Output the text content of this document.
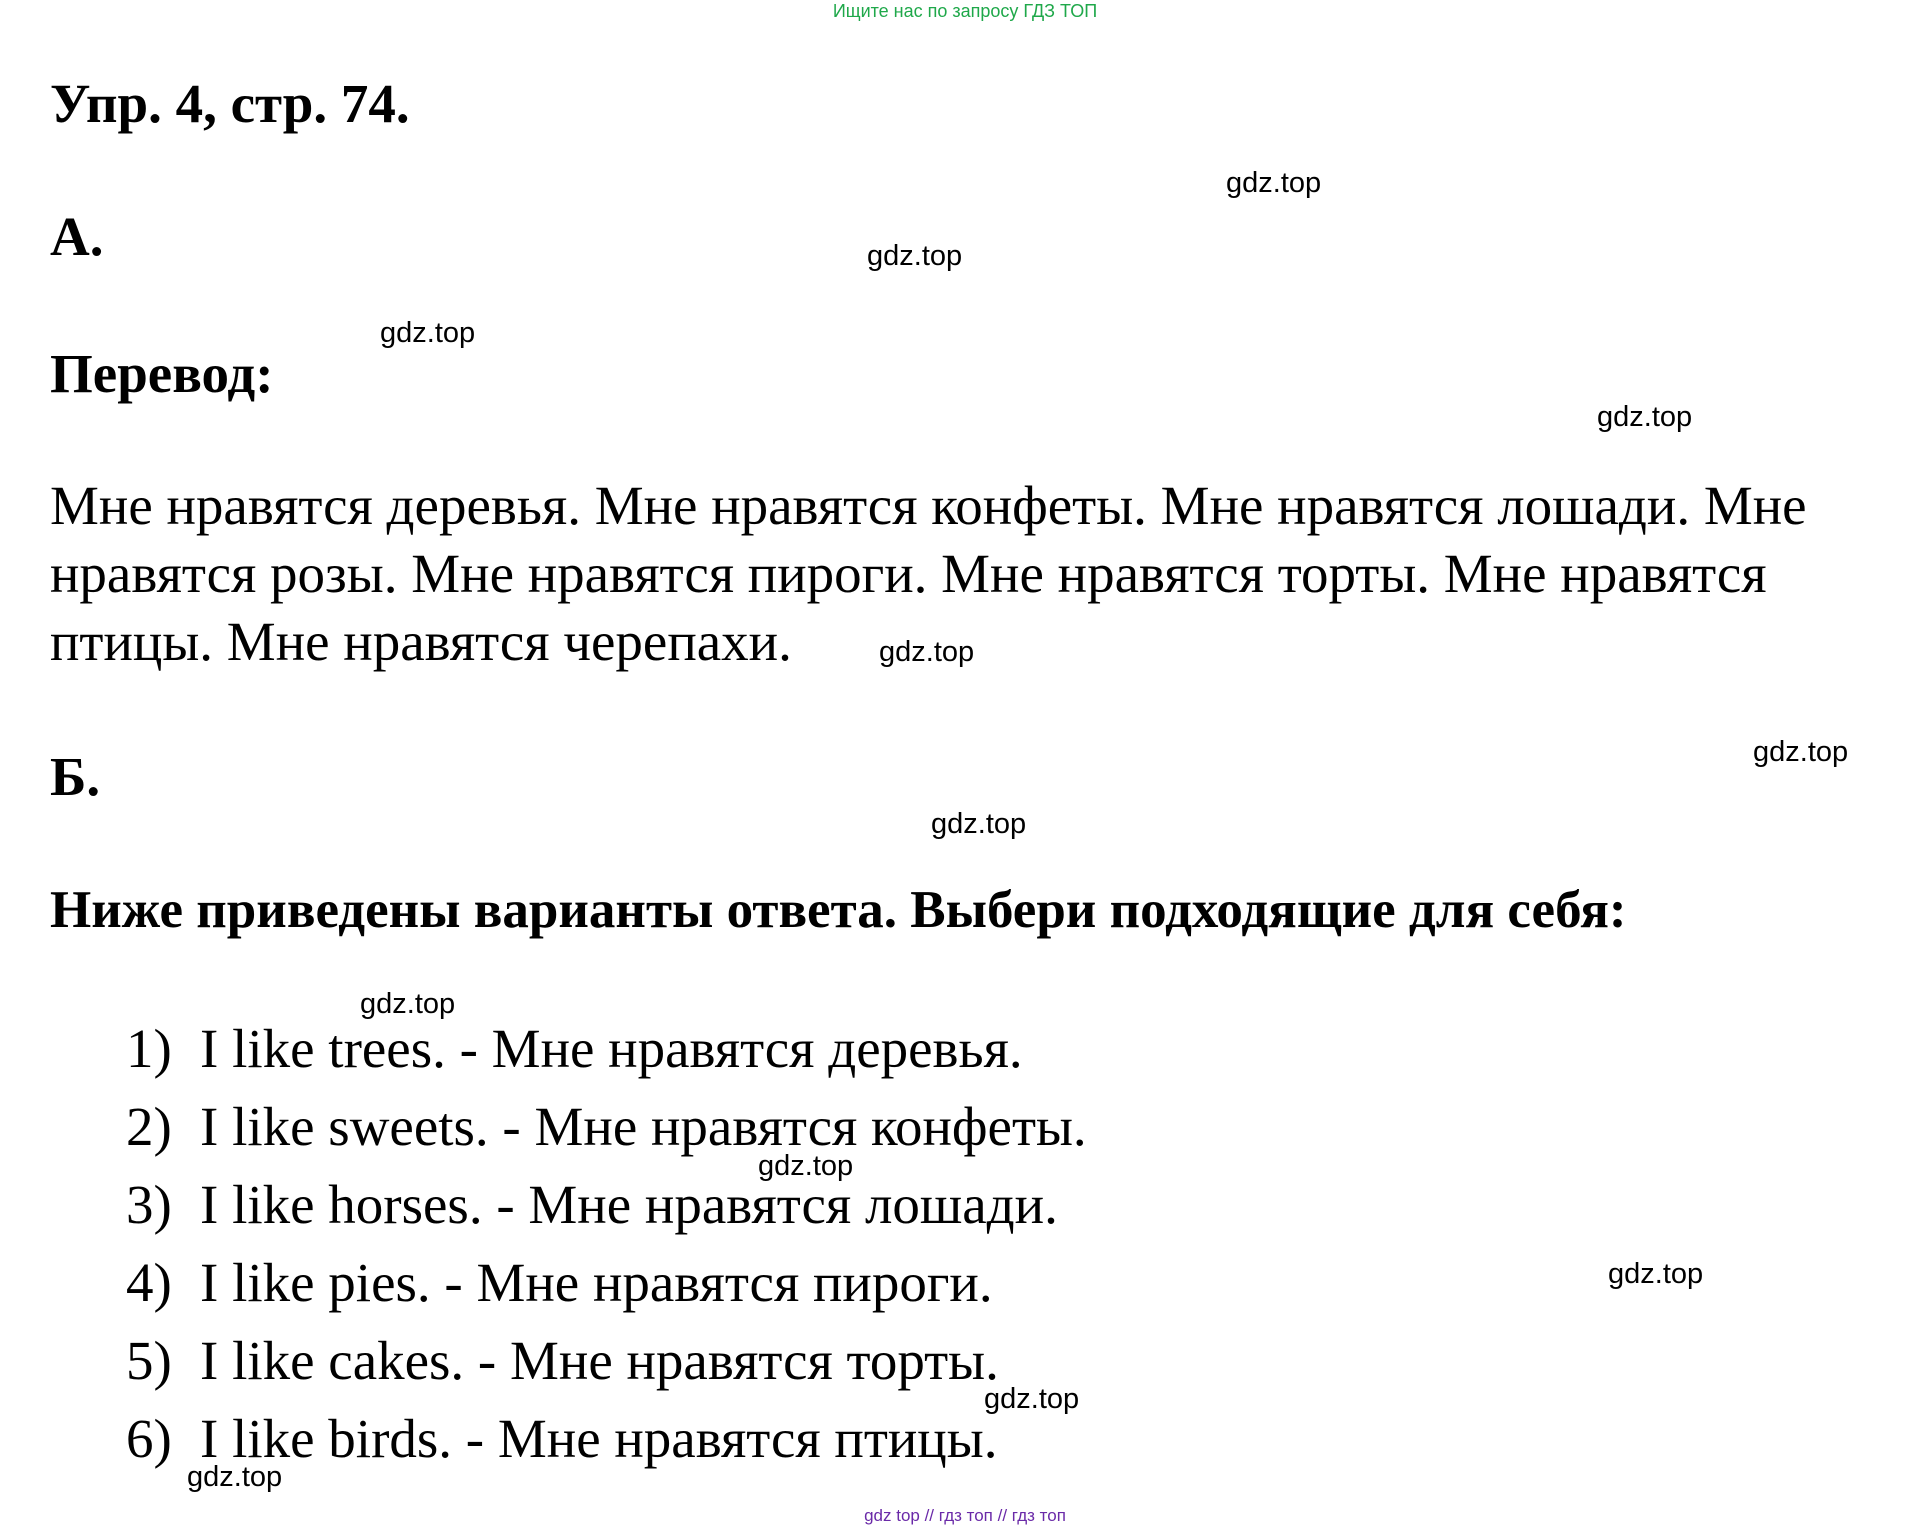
Ищите нас по запросу ГДЗ ТОП
Упр. 4, стр. 74.
А.
Перевод:
Мне нравятся деревья. Мне нравятся конфеты. Мне нравятся лошади. Мне нравятся розы. Мне нравятся пироги. Мне нравятся торты. Мне нравятся птицы. Мне нравятся черепахи.
Б.
Ниже приведены варианты ответа. Выбери подходящие для себя:
1) I like trees. - Мне нравятся деревья.
2) I like sweets. - Мне нравятся конфеты.
3) I like horses. - Мне нравятся лошади.
4) I like pies. - Мне нравятся пироги.
5) I like cakes. - Мне нравятся торты.
6) I like birds. - Мне нравятся птицы.
gdz.top
gdz.top
gdz.top
gdz.top
gdz.top
gdz.top
gdz.top
gdz.top
gdz.top
gdz.top
gdz.top
gdz.top
gdz top // гдз топ // гдз топ
